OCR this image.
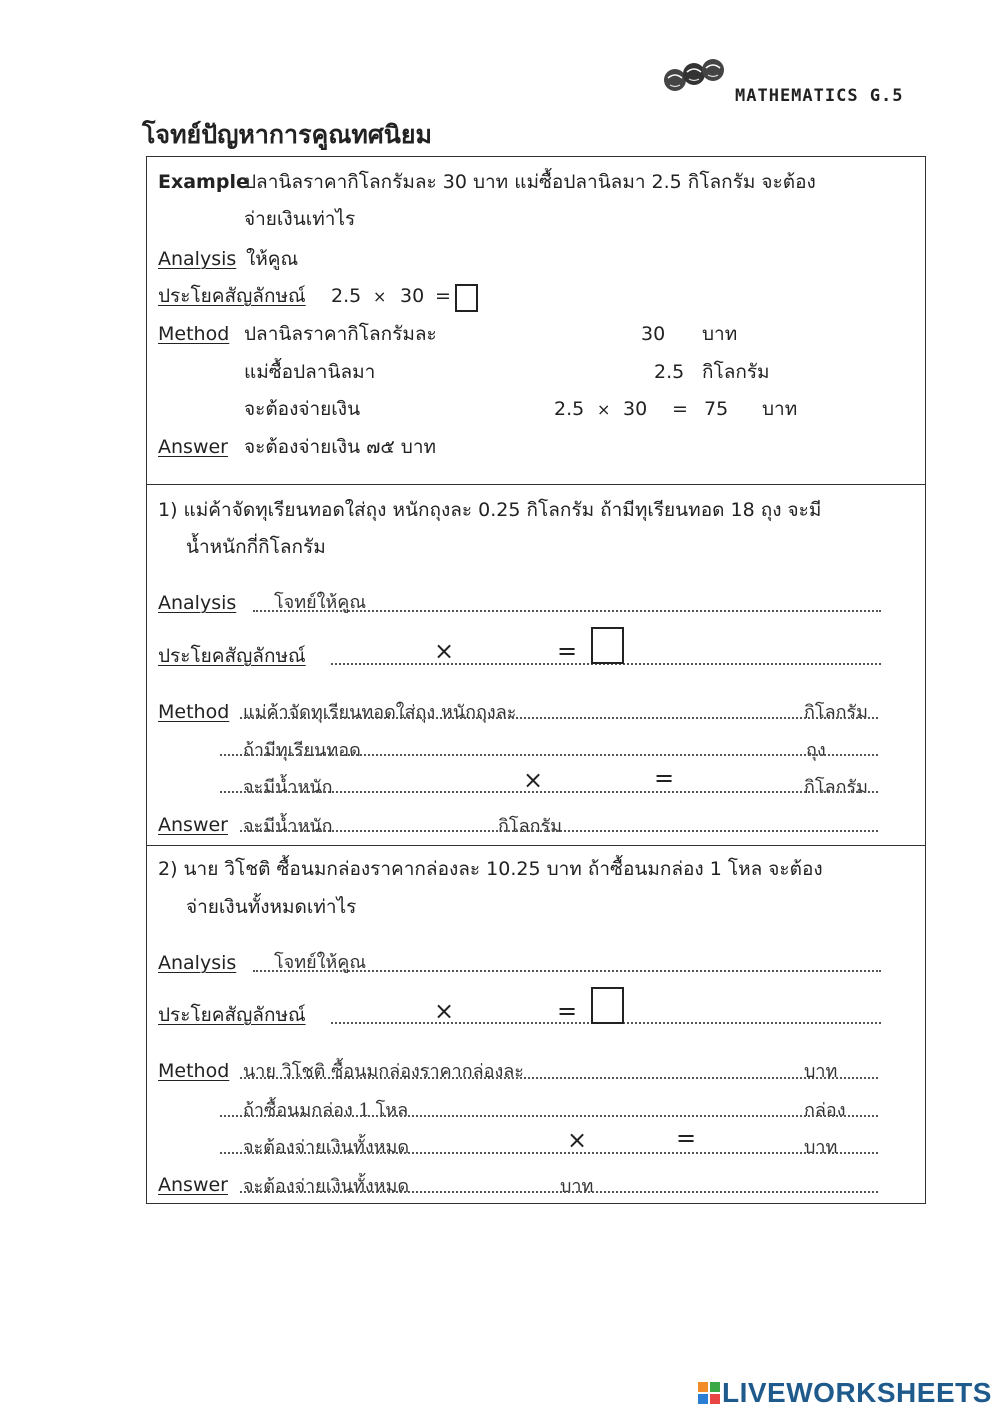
MATHEMATICS G.5
โจทย์ปัญหาการคูณทศนิยม
Example
ปลานิลราคากิโลกรัมละ 30 บาท แม่ซื้อปลานิลมา 2.5 กิโลกรัม จะต้อง
จ่ายเงินเท่าไร
Analysis ให้คูณ
ประโยคสัญลักษณ์ 2.5 × 30 =
Method ปลานิลราคากิโลกรัมละ	30 บาท
แม่ซื้อปลานิลมา	2.5 กิโลกรัม
จะต้องจ่ายเงิน	2.5 × 30 = 75 บาท
Answer จะต้องจ่ายเงิน ๗๕ บาท
1) แม่ค้าจัดทุเรียนทอดใส่ถุง หนักถุงละ 0.25 กิโลกรัม ถ้ามีทุเรียนทอด 18 ถุง จะมี
น้ำหนักกี่กิโลกรัม
Analysis โจทย์ให้คูณ
ประโยคสัญลักษณ์	×	=
Method แม่ค้าจัดทุเรียนทอดใส่ถุง หนักถุงละ	กิโลกรัม
ถ้ามีทุเรียนทอด	ถุง
จะมีน้ำหนัก	×	=	กิโลกรัม
Answer จะมีน้ำหนัก	กิโลกรัม
2) นาย วิโชติ ซื้อนมกล่องราคากล่องละ 10.25 บาท ถ้าซื้อนมกล่อง 1 โหล จะต้อง
จ่ายเงินทั้งหมดเท่าไร
Analysis โจทย์ให้คูณ
ประโยคสัญลักษณ์	×	=
Method นาย วิโชติ ซื้อนมกล่องราคากล่องละ	บาท
ถ้าซื้อนมกล่อง 1 โหล	กล่อง
จะต้องจ่ายเงินทั้งหมด	×	=	บาท
Answer จะต้องจ่ายเงินทั้งหมด	บาท
LIVEWORKSHEETS
